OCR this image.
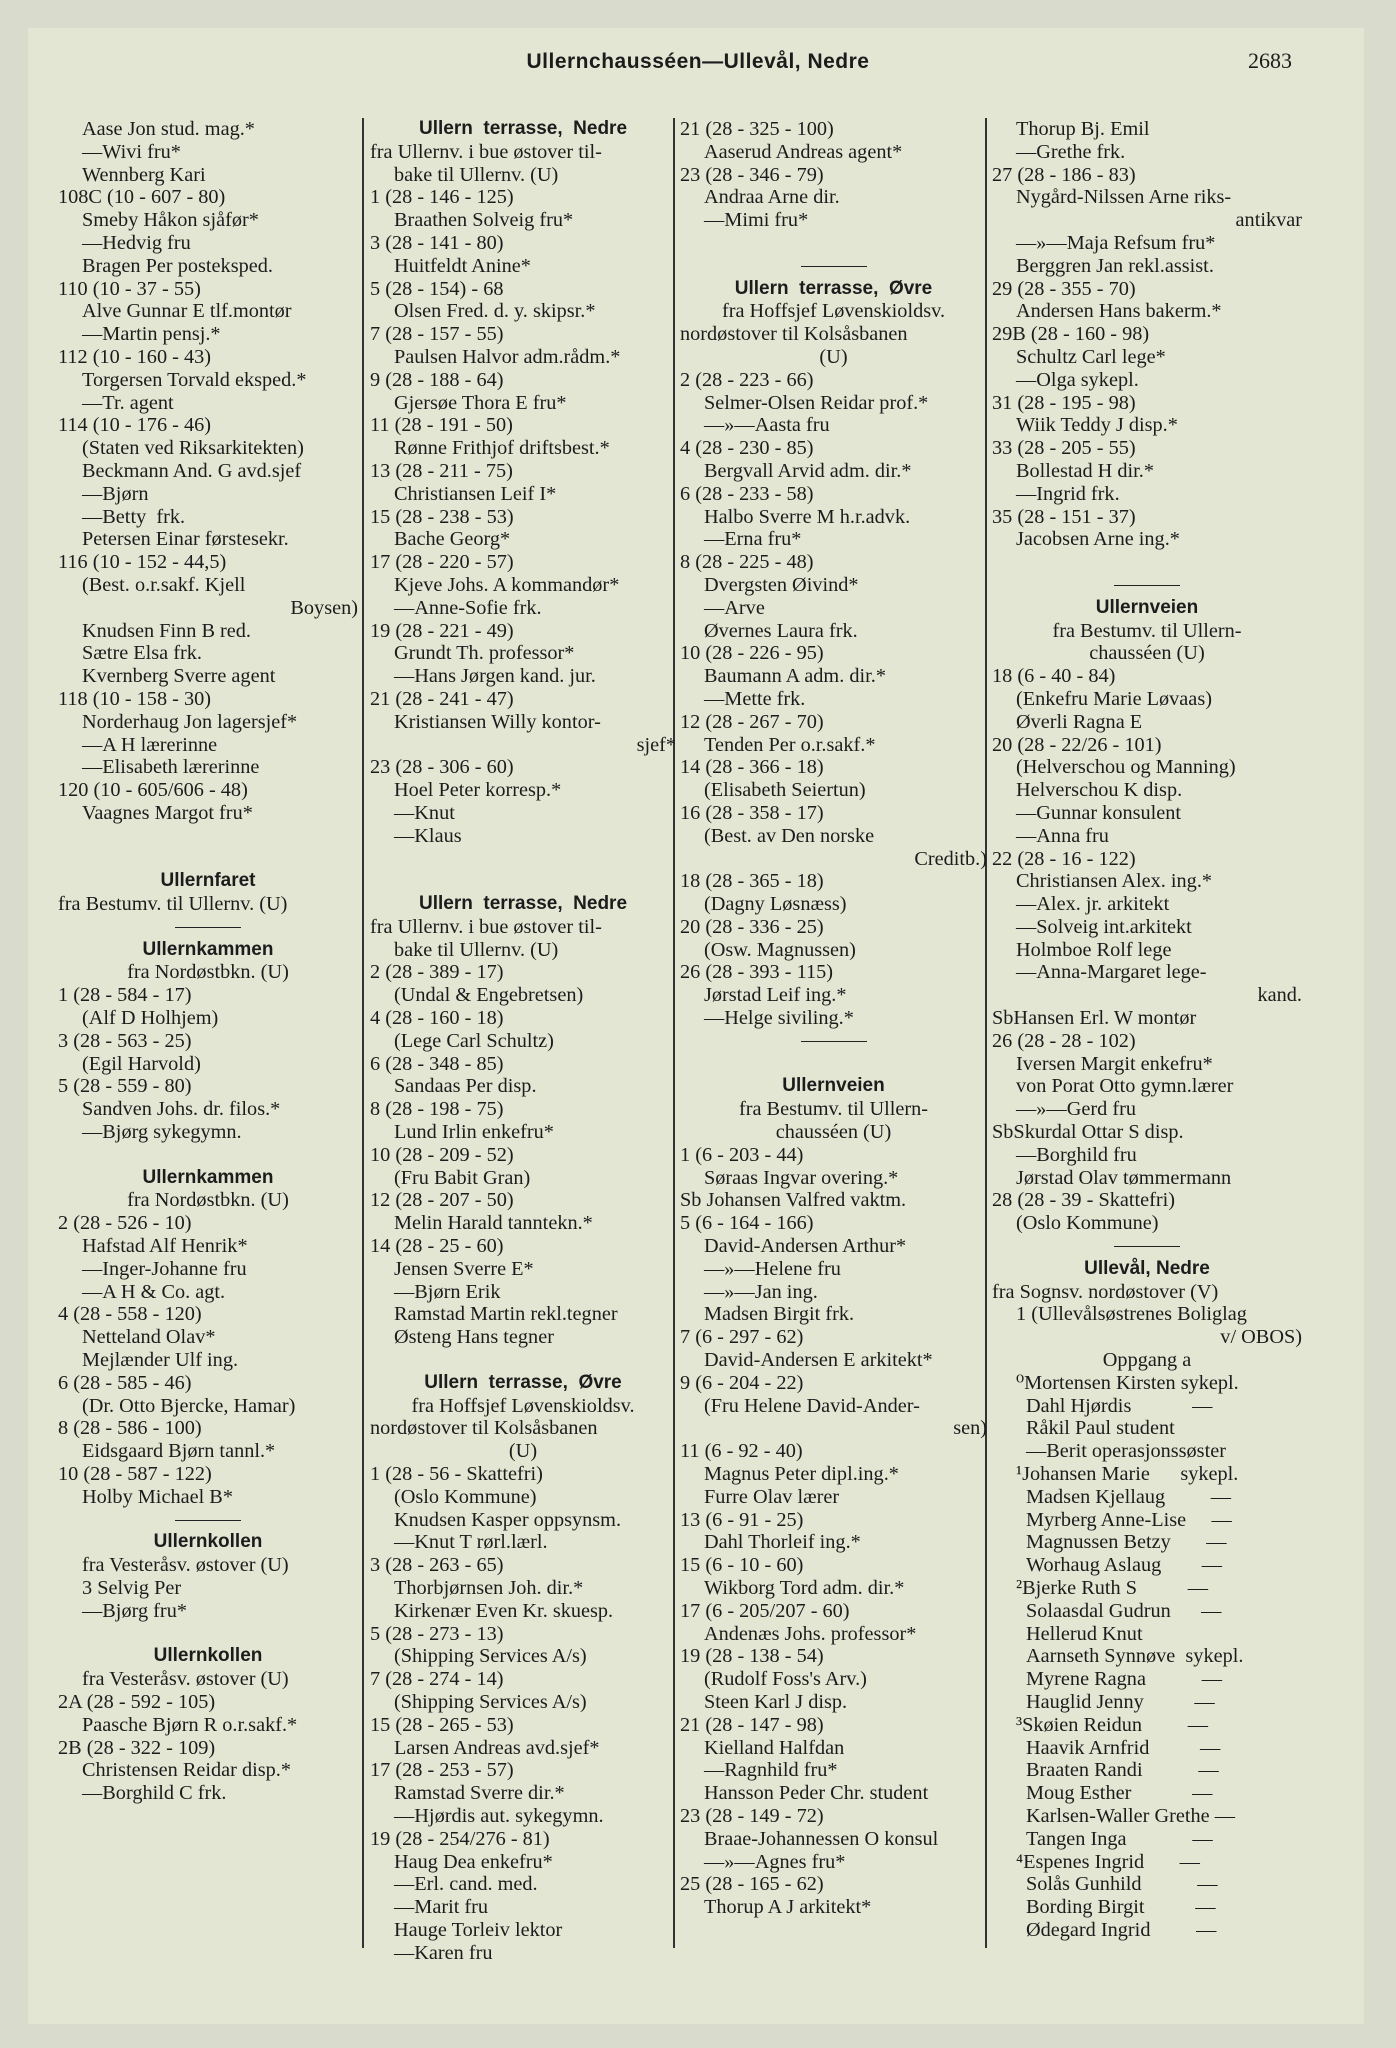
Ullernchausséen—Ullevål, Nedre	2683
Aase Jon stud. mag.*
—Wivi fru*
Wennberg Kari
108C (10 - 607 - 80)
Smeby Håkon sjåfør*
—Hedvig fru
Bragen Per posteksped.
110 (10 - 37 - 55)
Alve Gunnar E tlf.montør
—Martin pensj.*
112 (10 - 160 - 43)
Torgersen Torvald eksped.*
—Tr. agent
114 (10 - 176 - 46)
(Staten ved Riksarkitekten)
Beckmann And. G avd.sjef
—Bjørn
—Betty  frk.
Petersen Einar førstesekr.
116 (10 - 152 - 44,5)
(Best. o.r.sakf. Kjell
Boysen)
Knudsen Finn B red.
Sætre Elsa frk.
Kvernberg Sverre agent
118 (10 - 158 - 30)
Norderhaug Jon lagersjef*
—A H lærerinne
—Elisabeth lærerinne
120 (10 - 605/606 - 48)
Vaagnes Margot fru*
Ullernfaret
fra Bestumv. til Ullernv. (U)
Ullernkammen
fra Nordøstbkn. (U)
1 (28 - 584 - 17)
(Alf D Holhjem)
3 (28 - 563 - 25)
(Egil Harvold)
5 (28 - 559 - 80)
Sandven Johs. dr. filos.*
—Bjørg sykegymn.
Ullernkammen
fra Nordøstbkn. (U)
2 (28 - 526 - 10)
Hafstad Alf Henrik*
—Inger-Johanne fru
—A H & Co. agt.
4 (28 - 558 - 120)
Netteland Olav*
Mejlænder Ulf ing.
6 (28 - 585 - 46)
(Dr. Otto Bjercke, Hamar)
8 (28 - 586 - 100)
Eidsgaard Bjørn tannl.*
10 (28 - 587 - 122)
Holby Michael B*
Ullernkollen
fra Vesteråsv. østover (U)
3 Selvig Per
—Bjørg fru*
Ullernkollen
fra Vesteråsv. østover (U)
2A (28 - 592 - 105)
Paasche Bjørn R o.r.sakf.*
2B (28 - 322 - 109)
Christensen Reidar disp.*
—Borghild C frk.
Ullern  terrasse,  Nedre
fra Ullernv. i bue østover til-
bake til Ullernv. (U)
1 (28 - 146 - 125)
Braathen Solveig fru*
3 (28 - 141 - 80)
Huitfeldt Anine*
5 (28 - 154) - 68
Olsen Fred. d. y. skipsr.*
7 (28 - 157 - 55)
Paulsen Halvor adm.rådm.*
9 (28 - 188 - 64)
Gjersøe Thora E fru*
11 (28 - 191 - 50)
Rønne Frithjof driftsbest.*
13 (28 - 211 - 75)
Christiansen Leif I*
15 (28 - 238 - 53)
Bache Georg*
17 (28 - 220 - 57)
Kjeve Johs. A kommandør*
—Anne-Sofie frk.
19 (28 - 221 - 49)
Grundt Th. professor*
—Hans Jørgen kand. jur.
21 (28 - 241 - 47)
Kristiansen Willy kontor-
sjef*
23 (28 - 306 - 60)
Hoel Peter korresp.*
—Knut
—Klaus
Ullern  terrasse,  Nedre
fra Ullernv. i bue østover til-
bake til Ullernv. (U)
2 (28 - 389 - 17)
(Undal & Engebretsen)
4 (28 - 160 - 18)
(Lege Carl Schultz)
6 (28 - 348 - 85)
Sandaas Per disp.
8 (28 - 198 - 75)
Lund Irlin enkefru*
10 (28 - 209 - 52)
(Fru Babit Gran)
12 (28 - 207 - 50)
Melin Harald tanntekn.*
14 (28 - 25 - 60)
Jensen Sverre E*
—Bjørn Erik
Ramstad Martin rekl.tegner
Østeng Hans tegner
Ullern  terrasse,  Øvre
fra Hoffsjef Løvenskioldsv.
nordøstover til Kolsåsbanen
(U)
1 (28 - 56 - Skattefri)
(Oslo Kommune)
Knudsen Kasper oppsynsm.
—Knut T rørl.lærl.
3 (28 - 263 - 65)
Thorbjørnsen Joh. dir.*
Kirkenær Even Kr. skuesp.
5 (28 - 273 - 13)
(Shipping Services A/s)
7 (28 - 274 - 14)
(Shipping Services A/s)
15 (28 - 265 - 53)
Larsen Andreas avd.sjef*
17 (28 - 253 - 57)
Ramstad Sverre dir.*
—Hjørdis aut. sykegymn.
19 (28 - 254/276 - 81)
Haug Dea enkefru*
—Erl. cand. med.
—Marit fru
Hauge Torleiv lektor
—Karen fru
21 (28 - 325 - 100)
Aaserud Andreas agent*
23 (28 - 346 - 79)
Andraa Arne dir.
—Mimi fru*
Ullern  terrasse,  Øvre
fra Hoffsjef Løvenskioldsv.
nordøstover til Kolsåsbanen
(U)
2 (28 - 223 - 66)
Selmer-Olsen Reidar prof.*
—»—Aasta fru
4 (28 - 230 - 85)
Bergvall Arvid adm. dir.*
6 (28 - 233 - 58)
Halbo Sverre M h.r.advk.
—Erna fru*
8 (28 - 225 - 48)
Dvergsten Øivind*
—Arve
Øvernes Laura frk.
10 (28 - 226 - 95)
Baumann A adm. dir.*
—Mette frk.
12 (28 - 267 - 70)
Tenden Per o.r.sakf.*
14 (28 - 366 - 18)
(Elisabeth Seiertun)
16 (28 - 358 - 17)
(Best. av Den norske
Creditb.)
18 (28 - 365 - 18)
(Dagny Løsnæss)
20 (28 - 336 - 25)
(Osw. Magnussen)
26 (28 - 393 - 115)
Jørstad Leif ing.*
—Helge siviling.*
Ullernveien
fra Bestumv. til Ullern-
chausséen (U)
1 (6 - 203 - 44)
Søraas Ingvar overing.*
Sb Johansen Valfred vaktm.
5 (6 - 164 - 166)
David-Andersen Arthur*
—»—Helene fru
—»—Jan ing.
Madsen Birgit frk.
7 (6 - 297 - 62)
David-Andersen E arkitekt*
9 (6 - 204 - 22)
(Fru Helene David-Ander-
sen)
11 (6 - 92 - 40)
Magnus Peter dipl.ing.*
Furre Olav lærer
13 (6 - 91 - 25)
Dahl Thorleif ing.*
15 (6 - 10 - 60)
Wikborg Tord adm. dir.*
17 (6 - 205/207 - 60)
Andenæs Johs. professor*
19 (28 - 138 - 54)
(Rudolf Foss's Arv.)
Steen Karl J disp.
21 (28 - 147 - 98)
Kielland Halfdan
—Ragnhild fru*
Hansson Peder Chr. student
23 (28 - 149 - 72)
Braae-Johannessen O konsul
—»—Agnes fru*
25 (28 - 165 - 62)
Thorup A J arkitekt*
Thorup Bj. Emil
—Grethe frk.
27 (28 - 186 - 83)
Nygård-Nilssen Arne riks-
antikvar
—»—Maja Refsum fru*
Berggren Jan rekl.assist.
29 (28 - 355 - 70)
Andersen Hans bakerm.*
29B (28 - 160 - 98)
Schultz Carl lege*
—Olga sykepl.
31 (28 - 195 - 98)
Wiik Teddy J disp.*
33 (28 - 205 - 55)
Bollestad H dir.*
—Ingrid frk.
35 (28 - 151 - 37)
Jacobsen Arne ing.*
Ullernveien
fra Bestumv. til Ullern-
chausséen (U)
18 (6 - 40 - 84)
(Enkefru Marie Løvaas)
Øverli Ragna E
20 (28 - 22/26 - 101)
(Helverschou og Manning)
Helverschou K disp.
—Gunnar konsulent
—Anna fru
22 (28 - 16 - 122)
Christiansen Alex. ing.*
—Alex. jr. arkitekt
—Solveig int.arkitekt
Holmboe Rolf lege
—Anna-Margaret lege-
kand.
SbHansen Erl. W montør
26 (28 - 28 - 102)
Iversen Margit enkefru*
von Porat Otto gymn.lærer
—»—Gerd fru
SbSkurdal Ottar S disp.
—Borghild fru
Jørstad Olav tømmermann
28 (28 - 39 - Skattefri)
(Oslo Kommune)
Ullevål, Nedre
fra Sognsv. nordøstover (V)
1 (Ullevålsøstrenes Boliglag
v/ OBOS)
Oppgang a
⁰Mortensen Kirsten sykepl.
Dahl Hjørdis            —
Råkil Paul student
—Berit operasjonssøster
¹Johansen Marie      sykepl.
Madsen Kjellaug         —
Myrberg Anne-Lise     —
Magnussen Betzy       —
Worhaug Aslaug        —
²Bjerke Ruth S          —
Solaasdal Gudrun      —
Hellerud Knut
Aarnseth Synnøve  sykepl.
Myrene Ragna           —
Hauglid Jenny          —
³Skøien Reidun         —
Haavik Arnfrid          —
Braaten Randi           —
Moug Esther            —
Karlsen-Waller Grethe —
Tangen Inga             —
⁴Espenes Ingrid       —
Solås Gunhild           —
Bording Birgit          —
Ødegard Ingrid         —
